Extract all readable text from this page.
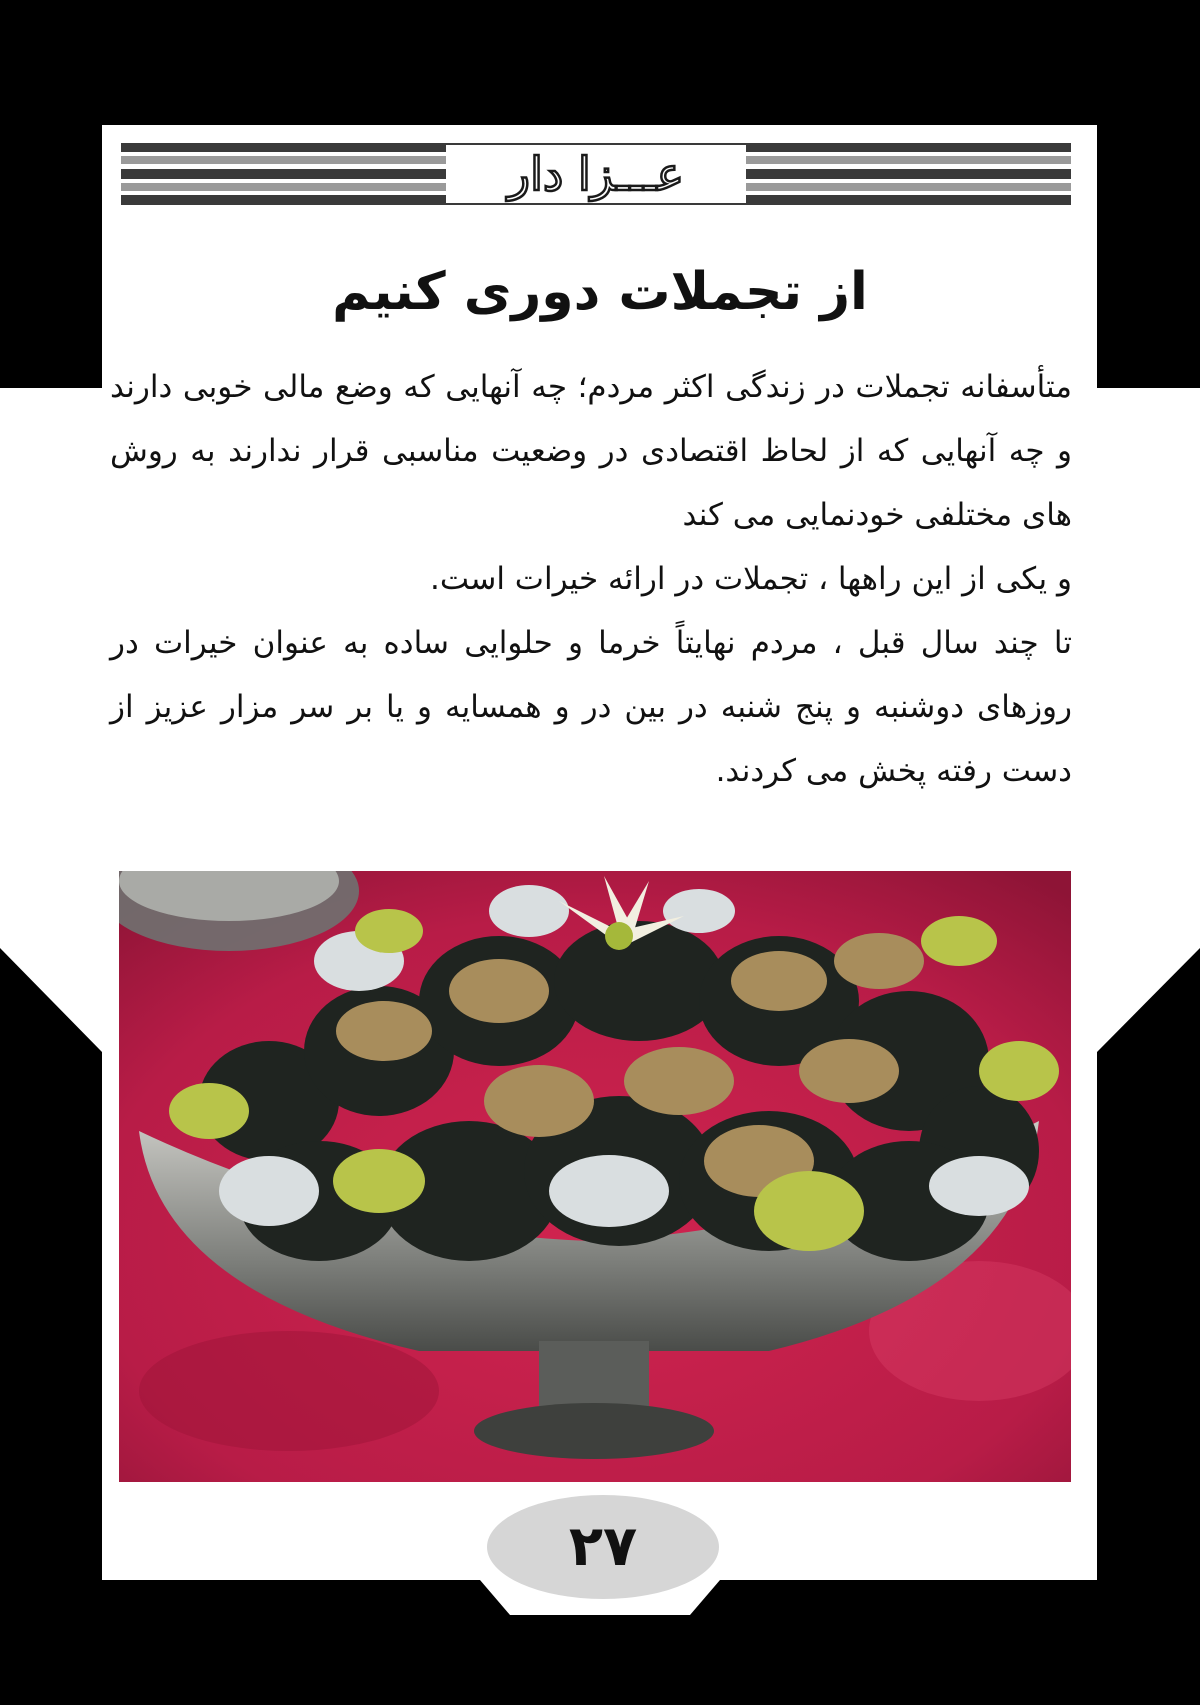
عـــزا دار
از تجملات دوری کنیم

متأسفانه تجملات در زندگی اکثر مردم؛ چه آنهایی که وضع مالی خوبی دارند و چه آنهایی که از لحاظ اقتصادی در وضعیت مناسبی قرار ندارند به روش های مختلفی خودنمایی می کند

و یکی از این راهها ، تجملات در ارائه خیرات است.

تا چند سال قبل ، مردم نهایتاً خرما و حلوایی ساده به عنوان خیرات در روزهای دوشنبه و پنج شنبه در بین در و همسایه و یا بر سر مزار عزیز از دست رفته پخش می کردند.

۲۷
